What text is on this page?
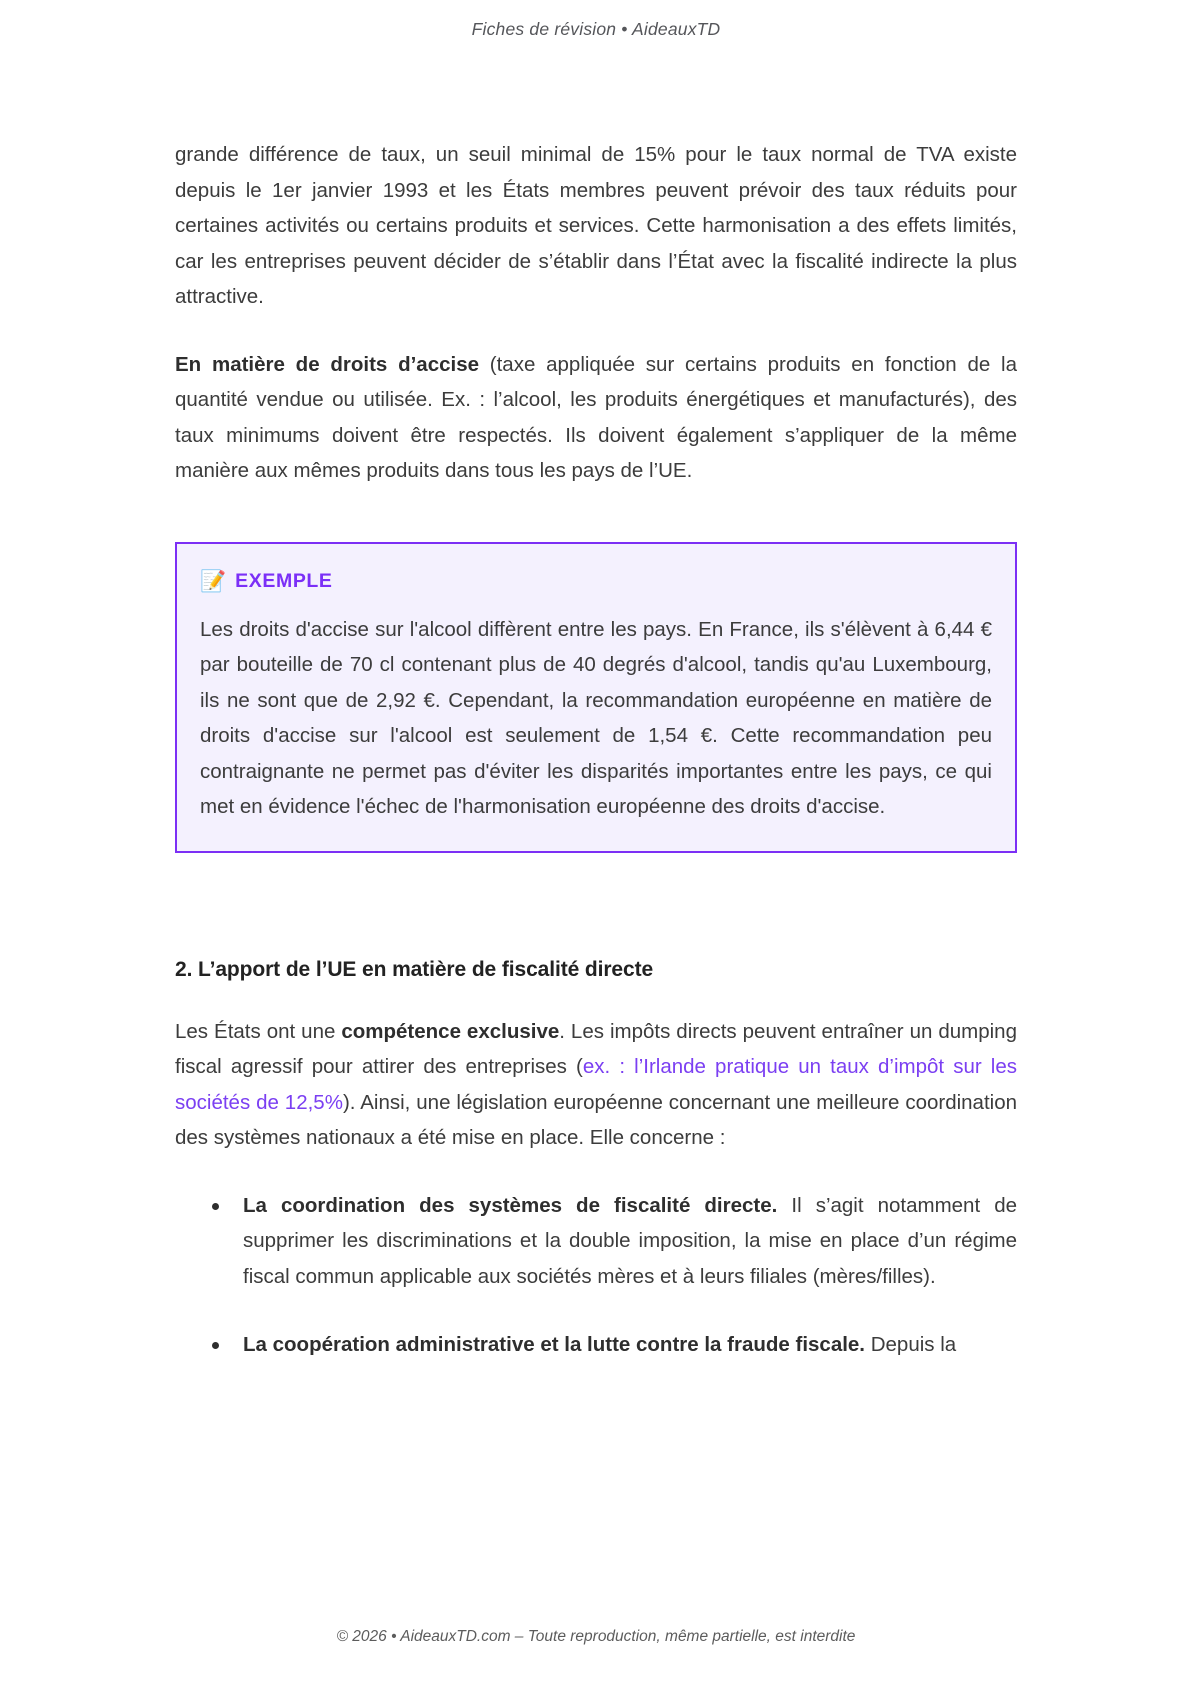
Fiches de révision • AideauxTD

grande différence de taux, un seuil minimal de 15% pour le taux normal de TVA existe depuis le 1er janvier 1993 et les États membres peuvent prévoir des taux réduits pour certaines activités ou certains produits et services. Cette harmonisation a des effets limités, car les entreprises peuvent décider de s’établir dans l’État avec la fiscalité indirecte la plus attractive.

En matière de droits d’accise (taxe appliquée sur certains produits en fonction de la quantité vendue ou utilisée. Ex. : l’alcool, les produits énergétiques et manufacturés), des taux minimums doivent être respectés. Ils doivent également s’appliquer de la même manière aux mêmes produits dans tous les pays de l’UE.

📝 EXEMPLE

Les droits d'accise sur l'alcool diffèrent entre les pays. En France, ils s'élèvent à 6,44 € par bouteille de 70 cl contenant plus de 40 degrés d'alcool, tandis qu'au Luxembourg, ils ne sont que de 2,92 €. Cependant, la recommandation européenne en matière de droits d'accise sur l'alcool est seulement de 1,54 €. Cette recommandation peu contraignante ne permet pas d'éviter les disparités importantes entre les pays, ce qui met en évidence l'échec de l'harmonisation européenne des droits d'accise.

2. L’apport de l’UE en matière de fiscalité directe

Les États ont une compétence exclusive. Les impôts directs peuvent entraîner un dumping fiscal agressif pour attirer des entreprises (ex. : l’Irlande pratique un taux d’impôt sur les sociétés de 12,5%). Ainsi, une législation européenne concernant une meilleure coordination des systèmes nationaux a été mise en place. Elle concerne :

La coordination des systèmes de fiscalité directe. Il s’agit notamment de supprimer les discriminations et la double imposition, la mise en place d’un régime fiscal commun applicable aux sociétés mères et à leurs filiales (mères/filles).
La coopération administrative et la lutte contre la fraude fiscale. Depuis la
© 2026 • AideauxTD.com – Toute reproduction, même partielle, est interdite
